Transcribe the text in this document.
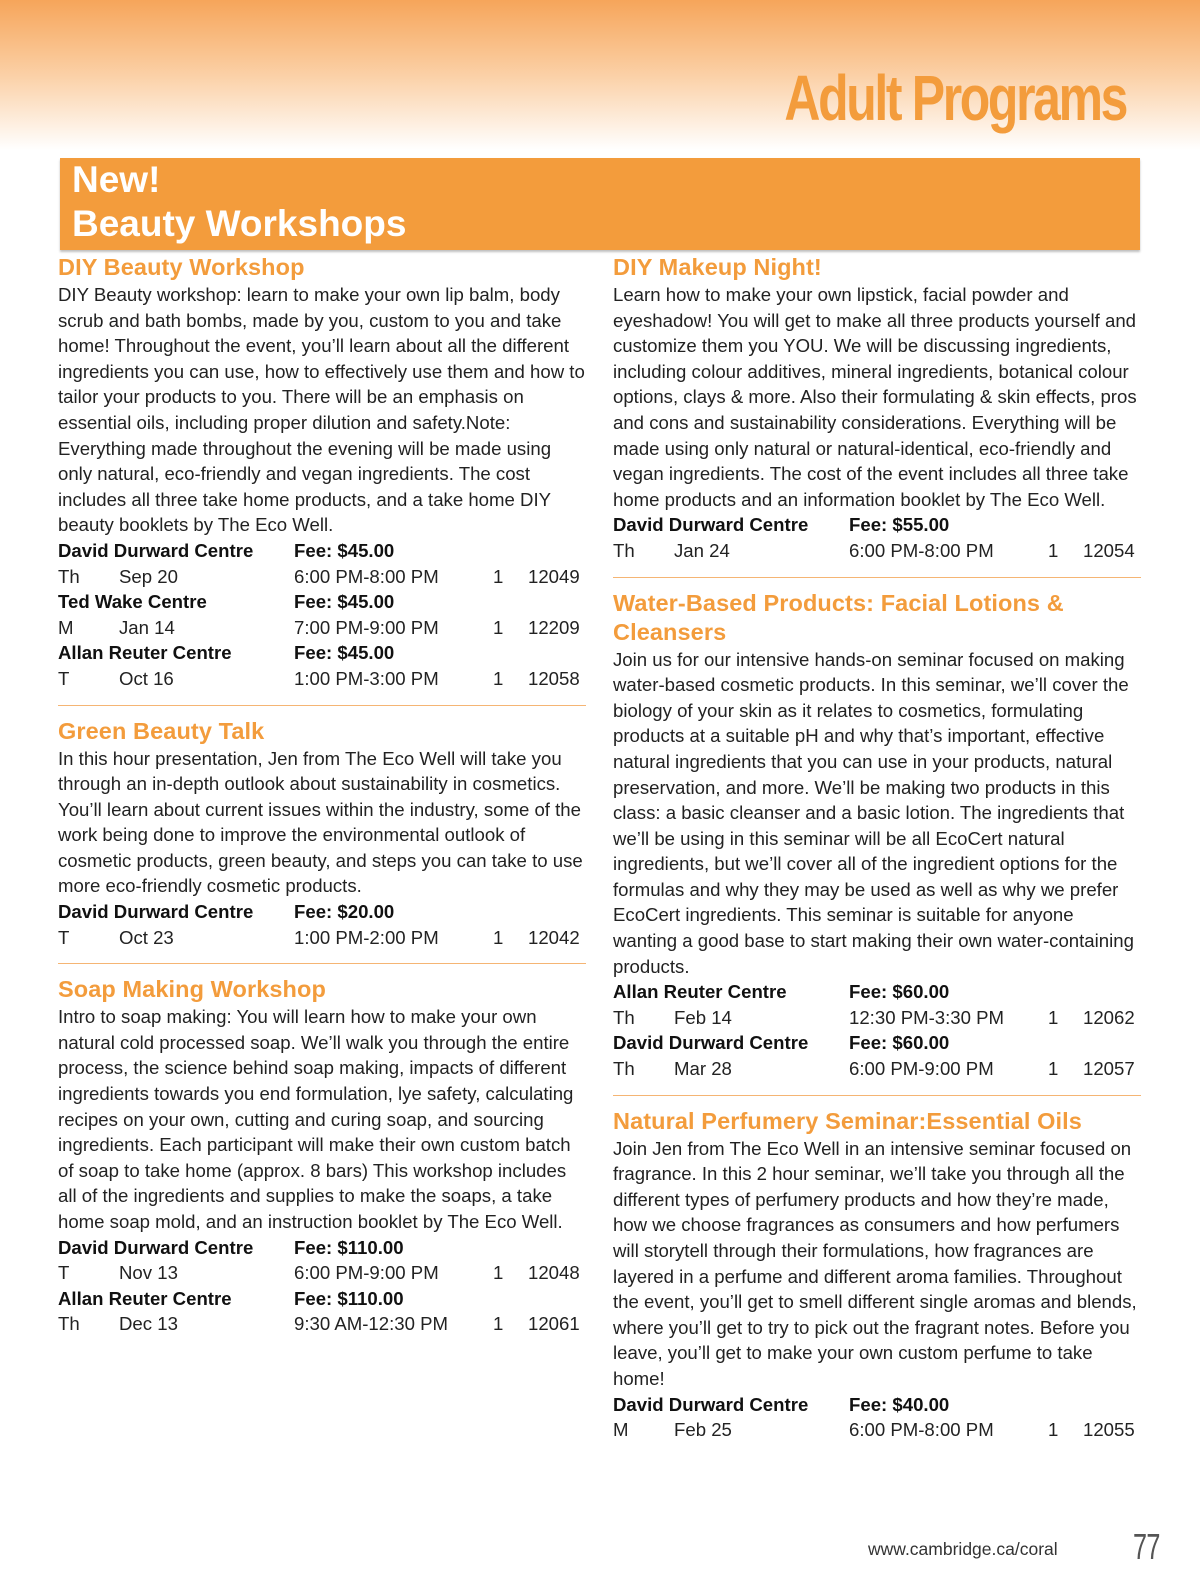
Adult Programs
New!
Beauty Workshops
DIY Beauty Workshop

DIY Beauty workshop: learn to make your own lip balm, body scrub and bath bombs, made by you, custom to you and take home! Throughout the event, you’ll learn about all the different ingredients you can use, how to effectively use them and how to tailor your products to you. There will be an emphasis on essential oils, including proper dilution and safety.Note: Everything made throughout the evening will be made using only natural, eco-friendly and vegan ingredients. The cost includes all three take home products, and a take home DIY beauty booklets by The Eco Well.

David Durward Centre	Fee: $45.00
Th	Sep 20	6:00 PM-8:00 PM	1	12049
Ted Wake Centre	Fee: $45.00
M	Jan 14	7:00 PM-9:00 PM	1	12209
Allan Reuter Centre	Fee: $45.00
T	Oct 16	1:00 PM-3:00 PM	1	12058
Green Beauty Talk

In this hour presentation, Jen from The Eco Well will take you through an in-depth outlook about sustainability in cosmetics. You’ll learn about current issues within the industry, some of the work being done to improve the environmental outlook of cosmetic products, green beauty, and steps you can take to use more eco-friendly cosmetic products.

David Durward Centre	Fee: $20.00
T	Oct 23	1:00 PM-2:00 PM	1	12042
Soap Making Workshop

Intro to soap making: You will learn how to make your own natural cold processed soap. We’ll walk you through the entire process, the science behind soap making, impacts of different ingredients towards you end formulation, lye safety, calculating recipes on your own, cutting and curing soap, and sourcing ingredients. Each participant will make their own custom batch of soap to take home (approx. 8 bars) This workshop includes all of the ingredients and supplies to make the soaps, a take home soap mold, and an instruction booklet by The Eco Well.

David Durward Centre	Fee: $110.00
T	Nov 13	6:00 PM-9:00 PM	1	12048
Allan Reuter Centre	Fee: $110.00
Th	Dec 13	9:30 AM-12:30 PM	1	12061
DIY Makeup Night!

Learn how to make your own lipstick, facial powder and eyeshadow! You will get to make all three products yourself and customize them you YOU. We will be discussing ingredients, including colour additives, mineral ingredients, botanical colour options, clays & more. Also their formulating & skin effects, pros and cons and sustainability considerations. Everything will be made using only natural or natural-identical, eco-friendly and vegan ingredients. The cost of the event includes all three take home products and an information booklet by The Eco Well.

David Durward Centre	Fee: $55.00
Th	Jan 24	6:00 PM-8:00 PM	1	12054
Water-Based Products: Facial Lotions & Cleansers

Join us for our intensive hands-on seminar focused on making water-based cosmetic products. In this seminar, we’ll cover the biology of your skin as it relates to cosmetics, formulating products at a suitable pH and why that’s important, effective natural ingredients that you can use in your products, natural preservation, and more. We’ll be making two products in this class: a basic cleanser and a basic lotion. The ingredients that we’ll be using in this seminar will be all EcoCert natural ingredients, but we’ll cover all of the ingredient options for the formulas and why they may be used as well as why we prefer EcoCert ingredients. This seminar is suitable for anyone wanting a good base to start making their own water-containing products.

Allan Reuter Centre	Fee: $60.00
Th	Feb 14	12:30 PM-3:30 PM	1	12062
David Durward Centre	Fee: $60.00
Th	Mar 28	6:00 PM-9:00 PM	1	12057
Natural Perfumery Seminar:Essential Oils

Join Jen from The Eco Well in an intensive seminar focused on fragrance. In this 2 hour seminar, we’ll take you through all the different types of perfumery products and how they’re made, how we choose fragrances as consumers and how perfumers will storytell through their formulations, how fragrances are layered in a perfume and different aroma families. Throughout the event, you’ll get to smell different single aromas and blends, where you’ll get to try to pick out the fragrant notes. Before you leave, you’ll get to make your own custom perfume to take home!

David Durward Centre	Fee: $40.00
M	Feb 25	6:00 PM-8:00 PM	1	12055
www.cambridge.ca/coral 77
